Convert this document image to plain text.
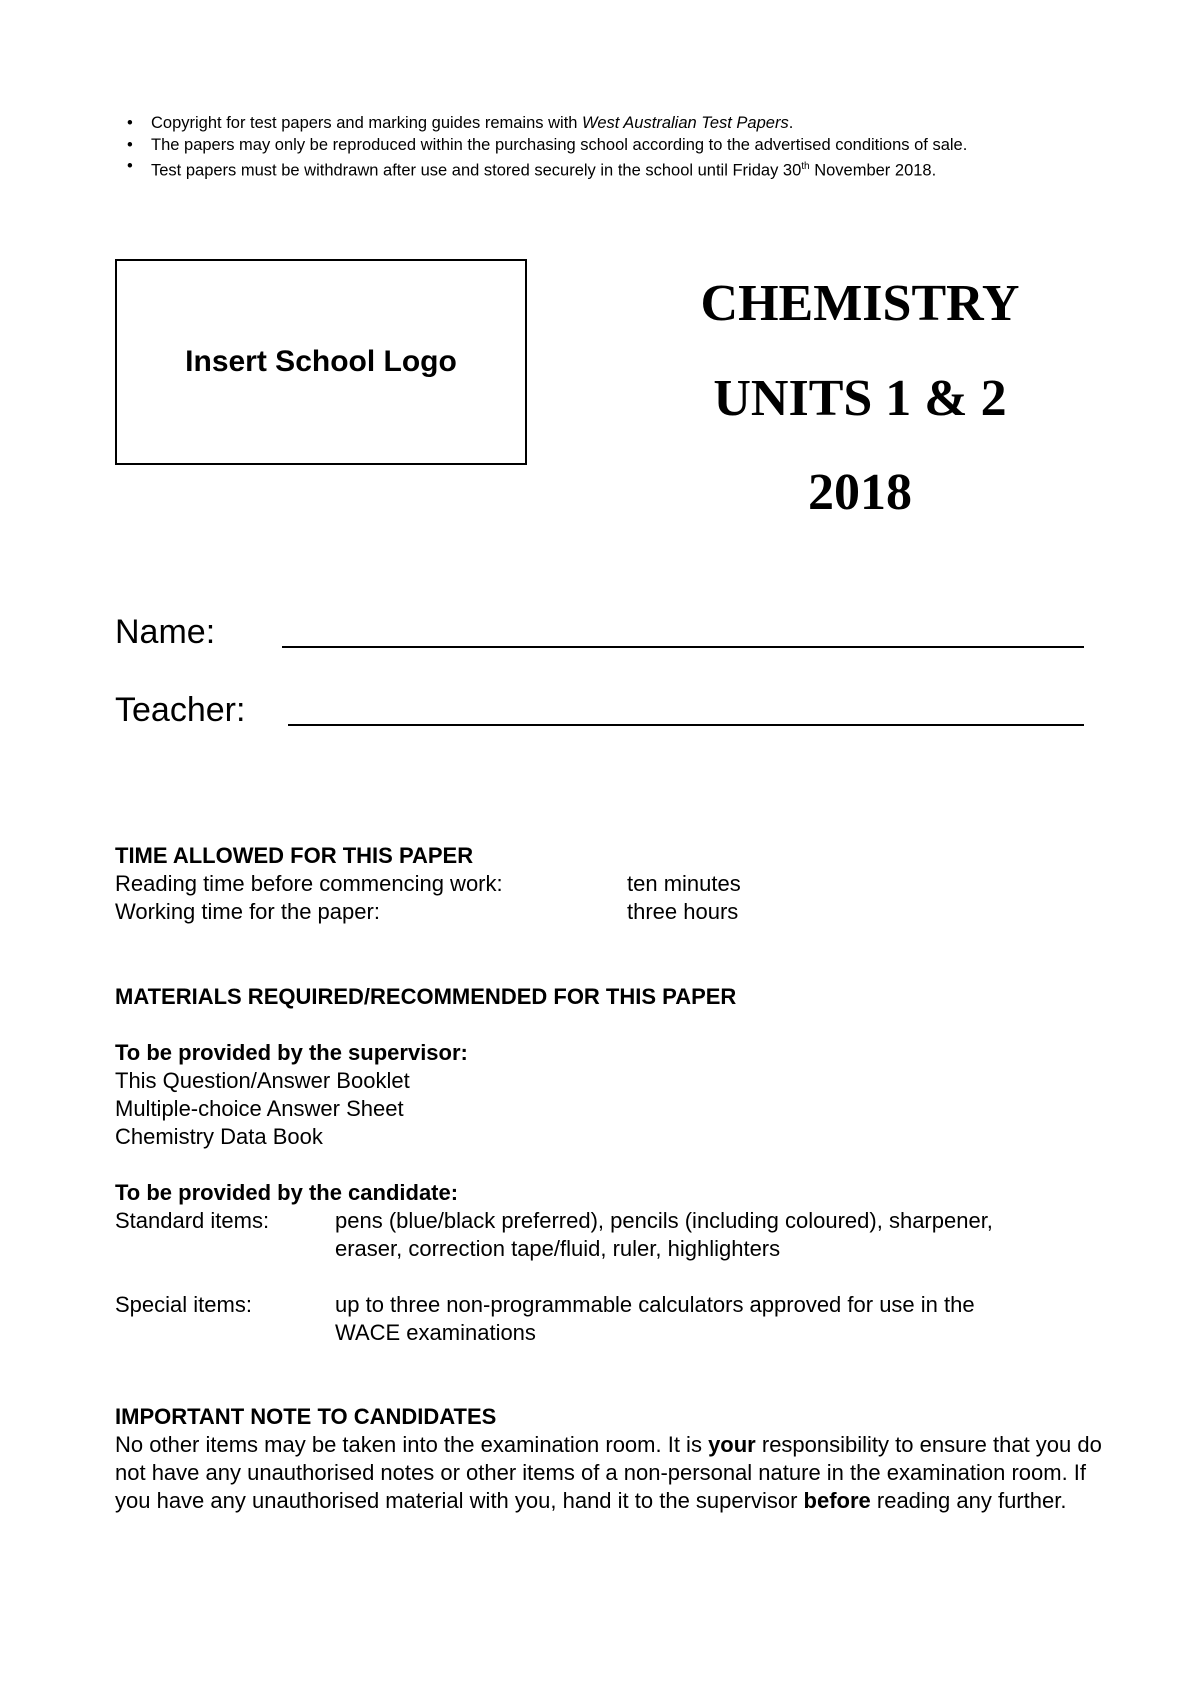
• Copyright for test papers and marking guides remains with West Australian Test Papers.
• The papers may only be reproduced within the purchasing school according to the advertised conditions of sale.
• Test papers must be withdrawn after use and stored securely in the school until Friday 30th November 2018.
Insert School Logo
CHEMISTRY
UNITS 1 & 2
2018
Name:
Teacher:
TIME ALLOWED FOR THIS PAPER
Reading time before commencing work:	ten minutes
Working time for the paper:	three hours
MATERIALS REQUIRED/RECOMMENDED FOR THIS PAPER
To be provided by the supervisor:
This Question/Answer Booklet
Multiple-choice Answer Sheet
Chemistry Data Book
To be provided by the candidate:
Standard items:	pens (blue/black preferred), pencils (including coloured), sharpener,
eraser, correction tape/fluid, ruler, highlighters
Special items:	up to three non-programmable calculators approved for use in the
WACE examinations
IMPORTANT NOTE TO CANDIDATES
No other items may be taken into the examination room. It is your responsibility to ensure that you do not have any unauthorised notes or other items of a non-personal nature in the examination room. If you have any unauthorised material with you, hand it to the supervisor before reading any further.
